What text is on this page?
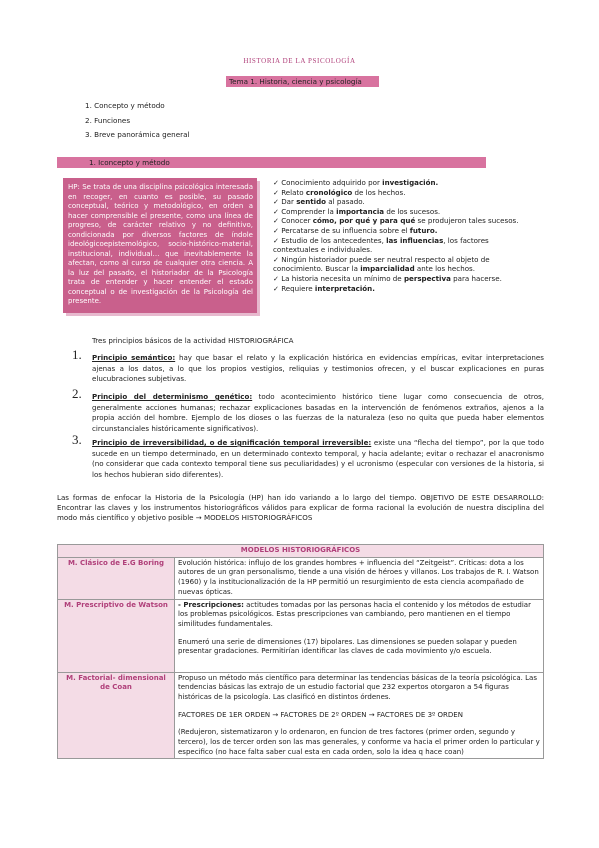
HISTORIA DE LA PSICOLOGÍA
Tema 1. Historia, ciencia y psicología
1. Concepto y método
2. Funciones
3. Breve panorámica general
1. Iconcepto y método
HP: Se trata de una disciplina psicológica interesada en recoger, en cuanto es posible, su pasado conceptual, teórico y metodológico, en orden a hacer comprensible el presente, como una línea de progreso, de carácter relativo y no definitivo, condicionada por diversos factores de índole ideológicoepistemológico, socio-histórico-material, institucional, individual… que inevitablemente la afectan, como al curso de cualquier otra ciencia. A la luz del pasado, el historiador de la Psicología trata de entender y hacer entender el estado conceptual o de investigación de la Psicología del presente.
✓ Conocimiento adquirido por investigación.
✓ Relato cronológico de los hechos.
✓ Dar sentido al pasado.
✓ Comprender la importancia de los sucesos.
✓ Conocer cómo, por qué y para qué se produjeron tales sucesos.
✓ Percatarse de su influencia sobre el futuro.
✓ Estudio de los antecedentes, las influencias, los factores contextuales e individuales.
✓ Ningún historiador puede ser neutral respecto al objeto de conocimiento. Buscar la imparcialidad ante los hechos.
✓ La historia necesita un mínimo de perspectiva para hacerse.
✓ Requiere interpretación.
Tres principios básicos de la actividad HISTORIOGRÁFICA
1. Principio semántico: hay que basar el relato y la explicación histórica en evidencias empíricas, evitar interpretaciones ajenas a los datos, a lo que los propios vestigios, reliquias y testimonios ofrecen, y el buscar explicaciones en puras elucubraciones subjetivas.
2. Principio del determinismo genético: todo acontecimiento histórico tiene lugar como consecuencia de otros, generalmente acciones humanas; rechazar explicaciones basadas en la intervención de fenómenos extraños, ajenos a la propia acción del hombre. Ejemplo de los dioses o las fuerzas de la naturaleza (eso no quita que pueda haber elementos circunstanciales históricamente significativos).
3. Principio de irreversibilidad, o de significación temporal irreversible: existe una “flecha del tiempo”, por la que todo sucede en un tiempo determinado, en un determinado contexto temporal, y hacia adelante; evitar o rechazar el anacronismo (no considerar que cada contexto temporal tiene sus peculiaridades) y el ucronismo (especular con versiones de la historia, si los hechos hubieran sido diferentes).
Las formas de enfocar la Historia de la Psicología (HP) han ido variando a lo largo del tiempo. OBJETIVO DE ESTE DESARROLLO: Encontrar las claves y los instrumentos historiográficos válidos para explicar de forma racional la evolución de nuestra disciplina del modo más científico y objetivo posible → MODELOS HISTORIOGRÁFICOS
MODELOS HISTORIOGRÁFICOS	
M. Clásico de E.G Boring	Evolución histórica: influjo de los grandes hombres + influencia del “Zeitgeist”. Críticas: dota a los autores de un gran personalismo, tiende a una visión de héroes y villanos. Los trabajos de R. I. Watson (1960) y la institucionalización de la HP permitió un resurgimiento de esta ciencia acompañado de nuevas ópticas.

M. Prescriptivo de Watson	- Prescripciones: actitudes tomadas por las personas hacia el contenido y los métodos de estudiar los problemas psicológicos. Estas prescripciones van cambiando, pero mantienen en el tiempo similitudes fundamentales.
Enumeró una serie de dimensiones (17) bipolares. Las dimensiones se pueden solapar y pueden presentar gradaciones. Permitirían identificar las claves de cada movimiento y/o escuela.

M. Factorial- dimensional de Coan	Propuso un método más científico para determinar las tendencias básicas de la teoría psicológica. Las tendencias básicas las extrajo de un estudio factorial que 232 expertos otorgaron a 54 figuras históricas de la psicología. Las clasificó en distintos órdenes.
FACTORES DE 1ER ORDEN → FACTORES DE 2º ORDEN → FACTORES DE 3º ORDEN
(Redujeron, sistematizaron y lo ordenaron, en funcion de tres factores (primer orden, segundo y tercero), los de tercer orden son las mas generales, y conforme va hacia el primer orden lo particular y especifico (no hace falta saber cual esta en cada orden, solo la idea q hace coan)
